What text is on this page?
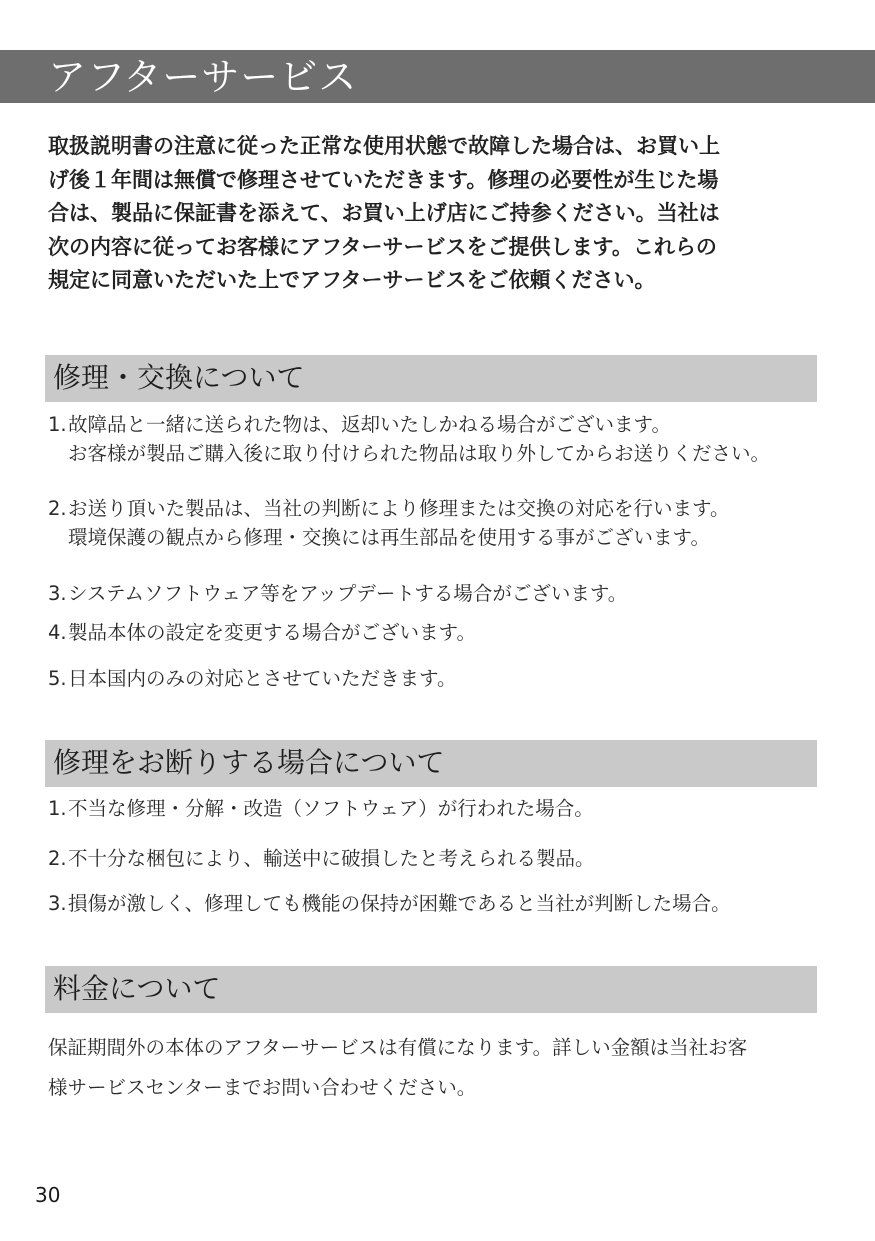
アフターサービス
取扱説明書の注意に従った正常な使用状態で故障した場合は、お買い上
げ後１年間は無償で修理させていただきます。修理の必要性が生じた場
合は、製品に保証書を添えて、お買い上げ店にご持参ください。当社は
次の内容に従ってお客様にアフターサービスをご提供します。これらの
規定に同意いただいた上でアフターサービスをご依頼ください。
修理・交換について
1.故障品と一緒に送られた物は、返却いたしかねる場合がございます。
お客様が製品ご購入後に取り付けられた物品は取り外してからお送りください。
2.お送り頂いた製品は、当社の判断により修理または交換の対応を行います。
環境保護の観点から修理・交換には再生部品を使用する事がございます。
3.システムソフトウェア等をアップデートする場合がございます。
4.製品本体の設定を変更する場合がございます。
5.日本国内のみの対応とさせていただきます。
修理をお断りする場合について
1.不当な修理・分解・改造（ソフトウェア）が行われた場合。
2.不十分な梱包により、輸送中に破損したと考えられる製品。
3.損傷が激しく、修理しても機能の保持が困難であると当社が判断した場合。
料金について
保証期間外の本体のアフターサービスは有償になります。詳しい金額は当社お客
様サービスセンターまでお問い合わせください。
30
